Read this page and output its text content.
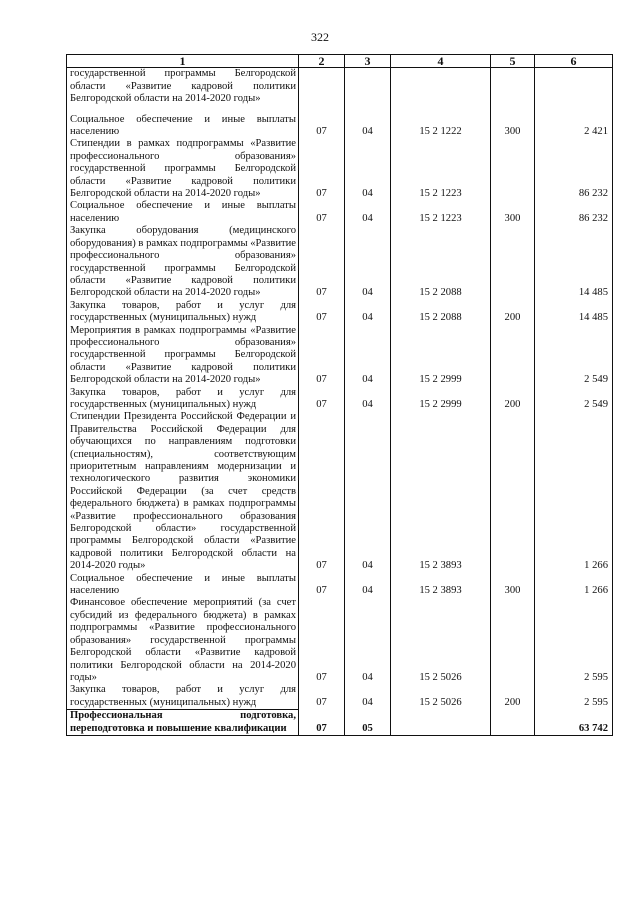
322
1	2	3	4	5	6
государственной программы Белгородской области «Развитие кадровой политики Белгородской области на 2014-2020 годы»					
Социальное обеспечение и иные выплаты населению	07	04	15 2 1222	300	2 421
Стипендии в рамках подпрограммы «Развитие профессионального образования» государственной программы Белгородской области «Развитие кадровой политики Белгородской области на 2014-2020 годы»	07	04	15 2 1223		86 232
Социальное обеспечение и иные выплаты населению	07	04	15 2 1223	300	86 232
Закупка оборудования (медицинского оборудования) в рамках подпрограммы «Развитие профессионального образования» государственной программы Белгородской области «Развитие кадровой политики Белгородской области на 2014-2020 годы»	07	04	15 2 2088		14 485
Закупка товаров, работ и услуг для государственных (муниципальных) нужд	07	04	15 2 2088	200	14 485
Мероприятия в рамках подпрограммы «Развитие профессионального образования» государственной программы Белгородской области «Развитие кадровой политики Белгородской области на 2014-2020 годы»	07	04	15 2 2999		2 549
Закупка товаров, работ и услуг для государственных (муниципальных) нужд	07	04	15 2 2999	200	2 549
Стипендии Президента Российской Федерации и Правительства Российской Федерации для обучающихся по направлениям подготовки (специальностям), соответствующим приоритетным направлениям модернизации и технологического развития экономики Российской Федерации (за счет средств федерального бюджета) в рамках подпрограммы «Развитие профессионального образования Белгородской области» государственной программы Белгородской области «Развитие кадровой политики Белгородской области на 2014-2020 годы»	07	04	15 2 3893		1 266
Социальное обеспечение и иные выплаты населению	07	04	15 2 3893	300	1 266
Финансовое обеспечение мероприятий (за счет субсидий из федерального бюджета) в рамках подпрограммы «Развитие профессионального образования» государственной программы Белгородской области «Развитие кадровой политики Белгородской области на 2014-2020 годы»	07	04	15 2 5026		2 595
Закупка товаров, работ и услуг для государственных (муниципальных) нужд	07	04	15 2 5026	200	2 595
Профессиональная подготовка, переподготовка и повышение квалификации	07	05			63 742
